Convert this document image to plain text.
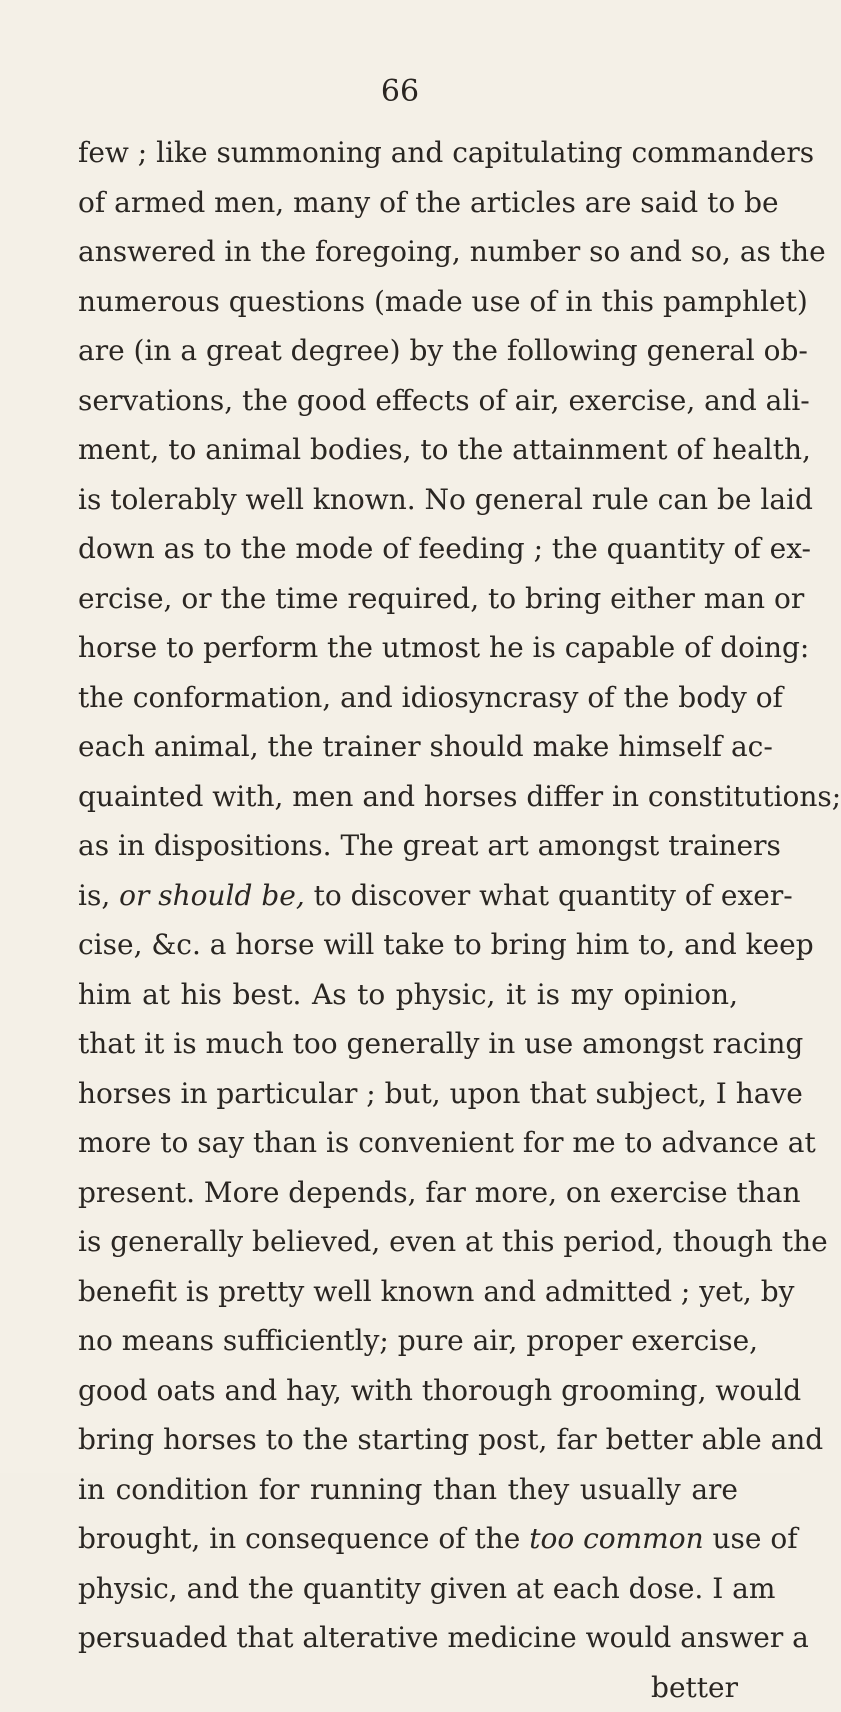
66

few ; like summoning and capitulating commanders
of armed men, many of the articles are said to be
answered in the foregoing, number so and so, as the
numerous questions (made use of in this pamphlet)
are (in a great degree) by the following general ob-
servations, the good effects of air, exercise, and ali-
ment, to animal bodies, to the attainment of health,
is tolerably well known. No general rule can be laid
down as to the mode of feeding ; the quantity of ex-
ercise, or the time required, to bring either man or
horse to perform the utmost he is capable of doing:
the conformation, and idiosyncrasy of the body of
each animal, the trainer should make himself ac-
quainted with, men and horses differ in constitutions;
as in dispositions. The great art amongst trainers
is, or should be, to discover what quantity of exer-
cise, &c. a horse will take to bring him to, and keep
him at his best. As to physic, it is my opinion,
that it is much too generally in use amongst racing
horses in particular ; but, upon that subject, I have
more to say than is convenient for me to advance at
present. More depends, far more, on exercise than
is generally believed, even at this period, though the
benefit is pretty well known and admitted ; yet, by
no means sufficiently; pure air, proper exercise,
good oats and hay, with thorough grooming, would
bring horses to the starting post, far better able and
in condition for running than they usually are
brought, in consequence of the too common use of
physic, and the quantity given at each dose. I am
persuaded that alterative medicine would answer a
better
